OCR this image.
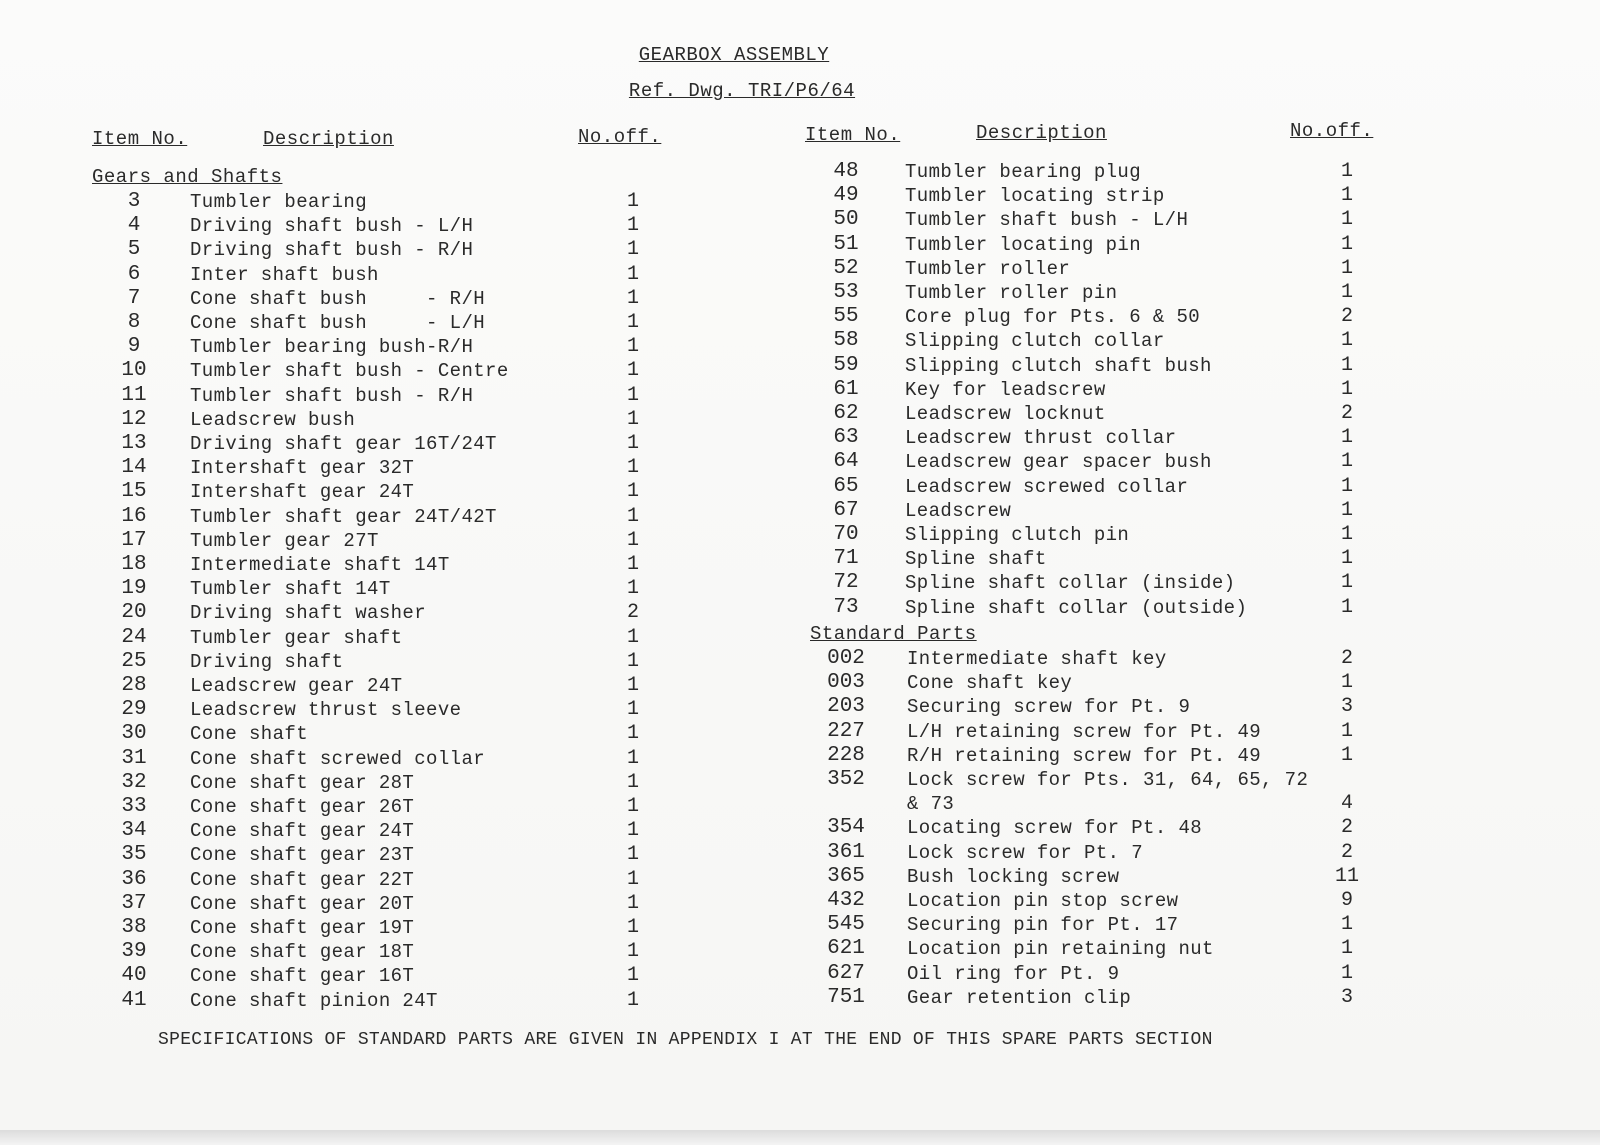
GEARBOX ASSEMBLY
Ref. Dwg. TRI/P6/64
Item No.	Description	No.off.	Item No.	Description	No.off.
Gears and Shafts
3	Tumbler bearing	1
4	Driving shaft bush - L/H	1
5	Driving shaft bush - R/H	1
6	Inter shaft bush	1
7	Cone shaft bush     - R/H	1
8	Cone shaft bush     - L/H	1
9	Tumbler bearing bush-R/H	1
10	Tumbler shaft bush - Centre	1
11	Tumbler shaft bush - R/H	1
12	Leadscrew bush	1
13	Driving shaft gear 16T/24T	1
14	Intershaft gear 32T	1
15	Intershaft gear 24T	1
16	Tumbler shaft gear 24T/42T	1
17	Tumbler gear 27T	1
18	Intermediate shaft 14T	1
19	Tumbler shaft 14T	1
20	Driving shaft washer	2
24	Tumbler gear shaft	1
25	Driving shaft	1
28	Leadscrew gear 24T	1
29	Leadscrew thrust sleeve	1
30	Cone shaft	1
31	Cone shaft screwed collar	1
32	Cone shaft gear 28T	1
33	Cone shaft gear 26T	1
34	Cone shaft gear 24T	1
35	Cone shaft gear 23T	1
36	Cone shaft gear 22T	1
37	Cone shaft gear 20T	1
38	Cone shaft gear 19T	1
39	Cone shaft gear 18T	1
40	Cone shaft gear 16T	1
41	Cone shaft pinion 24T	1
48	Tumbler bearing plug	1
49	Tumbler locating strip	1
50	Tumbler shaft bush - L/H	1
51	Tumbler locating pin	1
52	Tumbler roller	1
53	Tumbler roller pin	1
55	Core plug for Pts. 6 & 50	2
58	Slipping clutch collar	1
59	Slipping clutch shaft bush	1
61	Key for leadscrew	1
62	Leadscrew locknut	2
63	Leadscrew thrust collar	1
64	Leadscrew gear spacer bush	1
65	Leadscrew screwed collar	1
67	Leadscrew	1
70	Slipping clutch pin	1
71	Spline shaft	1
72	Spline shaft collar (inside)	1
73	Spline shaft collar (outside)	1
Standard Parts
002	Intermediate shaft key	2
003	Cone shaft key	1
203	Securing screw for Pt. 9	3
227	L/H retaining screw for Pt. 49	1
228	R/H retaining screw for Pt. 49	1
352	Lock screw for Pts. 31, 64, 65, 72
& 73	4
354	Locating screw for Pt. 48	2
361	Lock screw for Pt. 7	2
365	Bush locking screw	11
432	Location pin stop screw	9
545	Securing pin for Pt. 17	1
621	Location pin retaining nut	1
627	Oil ring for Pt. 9	1
751	Gear retention clip	3
SPECIFICATIONS OF STANDARD PARTS ARE GIVEN IN APPENDIX I AT THE END OF THIS SPARE PARTS SECTION
